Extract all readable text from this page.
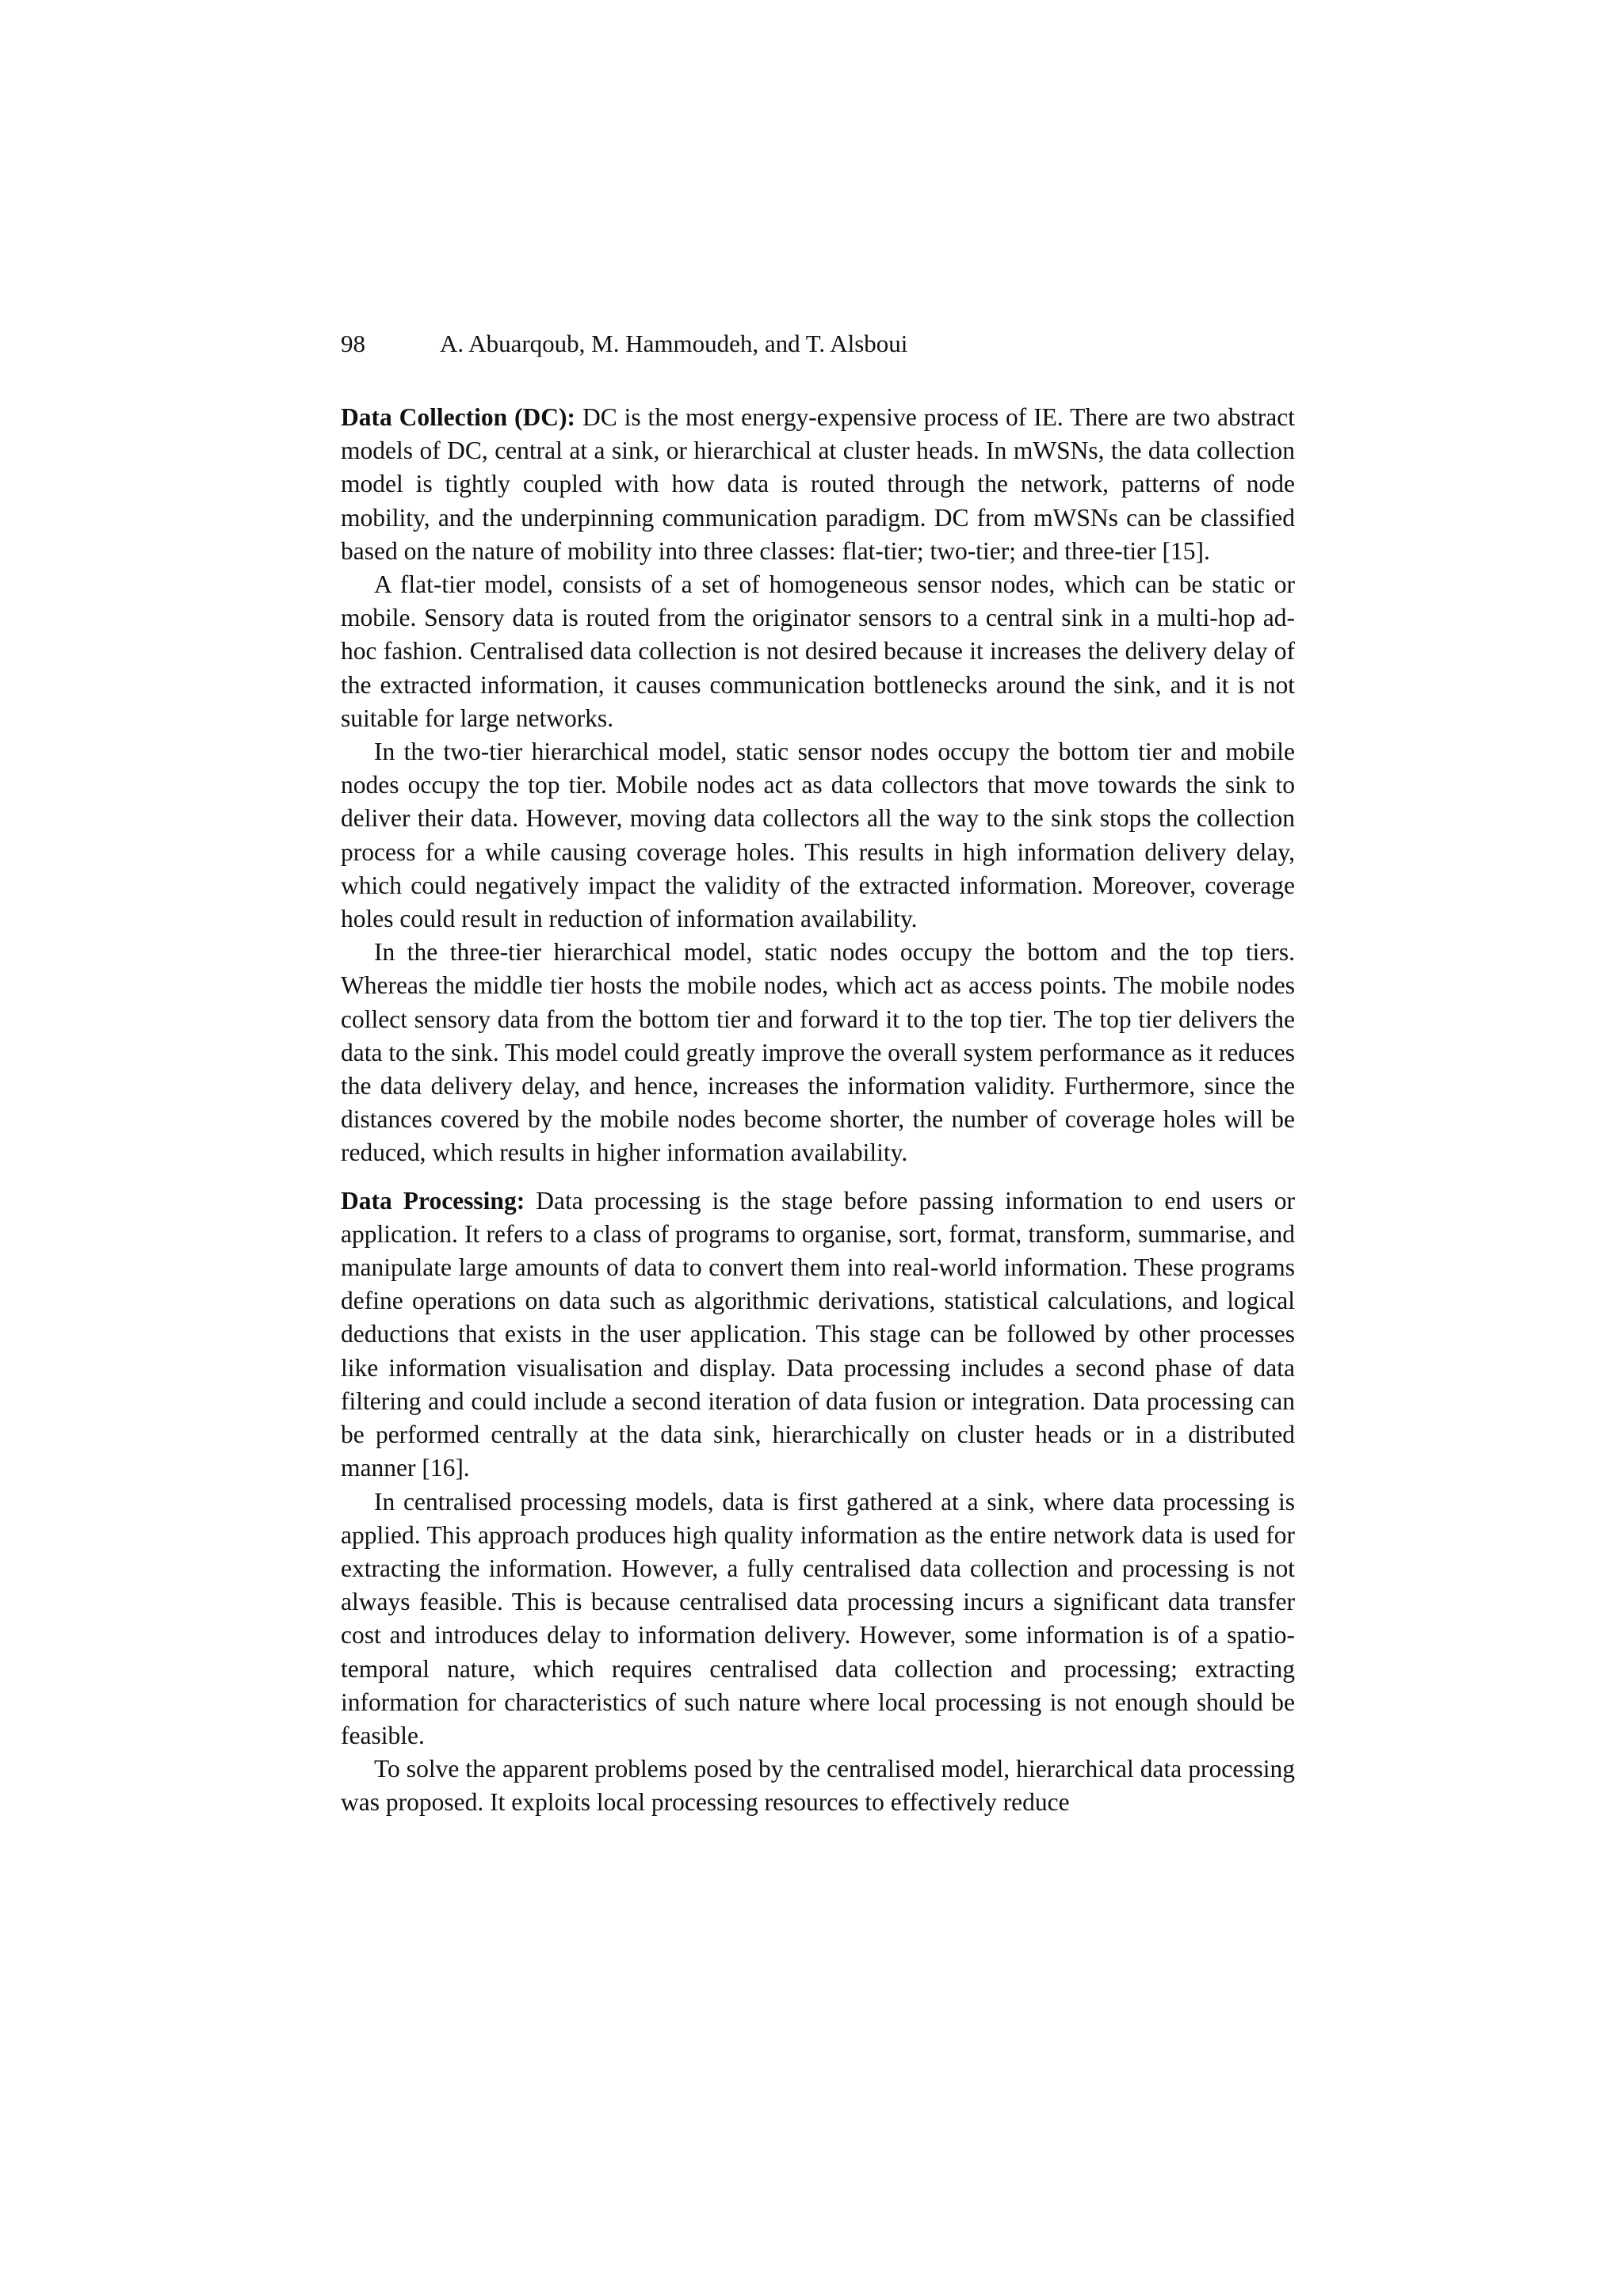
98	A. Abuarqoub, M. Hammoudeh, and T. Alsboui

Data Collection (DC): DC is the most energy-expensive process of IE. There are two abstract models of DC, central at a sink, or hierarchical at cluster heads. In mWSNs, the data collection model is tightly coupled with how data is routed through the network, patterns of node mobility, and the underpinning communication paradigm. DC from mWSNs can be classified based on the nature of mobility into three classes: flat-tier; two-tier; and three-tier [15].

A flat-tier model, consists of a set of homogeneous sensor nodes, which can be static or mobile. Sensory data is routed from the originator sensors to a central sink in a multi-hop ad-hoc fashion. Centralised data collection is not desired because it increases the delivery delay of the extracted information, it causes communication bottlenecks around the sink, and it is not suitable for large networks.

In the two-tier hierarchical model, static sensor nodes occupy the bottom tier and mobile nodes occupy the top tier. Mobile nodes act as data collectors that move towards the sink to deliver their data. However, moving data collectors all the way to the sink stops the collection process for a while causing coverage holes. This results in high information delivery delay, which could negatively impact the validity of the extracted information. Moreover, coverage holes could result in reduction of information availability.

In the three-tier hierarchical model, static nodes occupy the bottom and the top tiers. Whereas the middle tier hosts the mobile nodes, which act as access points. The mobile nodes collect sensory data from the bottom tier and forward it to the top tier. The top tier delivers the data to the sink. This model could greatly improve the overall system performance as it reduces the data delivery delay, and hence, increases the information validity. Furthermore, since the distances covered by the mobile nodes become shorter, the number of coverage holes will be reduced, which results in higher information availability.

Data Processing: Data processing is the stage before passing information to end users or application. It refers to a class of programs to organise, sort, format, transform, summarise, and manipulate large amounts of data to convert them into real-world information. These programs define operations on data such as algorithmic derivations, statistical calculations, and logical deductions that exists in the user application. This stage can be followed by other processes like information visualisation and display. Data processing includes a second phase of data filtering and could include a second iteration of data fusion or integration. Data processing can be performed centrally at the data sink, hierarchically on cluster heads or in a distributed manner [16].

In centralised processing models, data is first gathered at a sink, where data processing is applied. This approach produces high quality information as the entire network data is used for extracting the information. However, a fully centralised data collection and processing is not always feasible. This is because centralised data processing incurs a significant data transfer cost and introduces delay to information delivery. However, some information is of a spatio-temporal nature, which requires centralised data collection and processing; extracting information for characteristics of such nature where local processing is not enough should be feasible.

To solve the apparent problems posed by the centralised model, hierarchical data processing was proposed. It exploits local processing resources to effectively reduce
